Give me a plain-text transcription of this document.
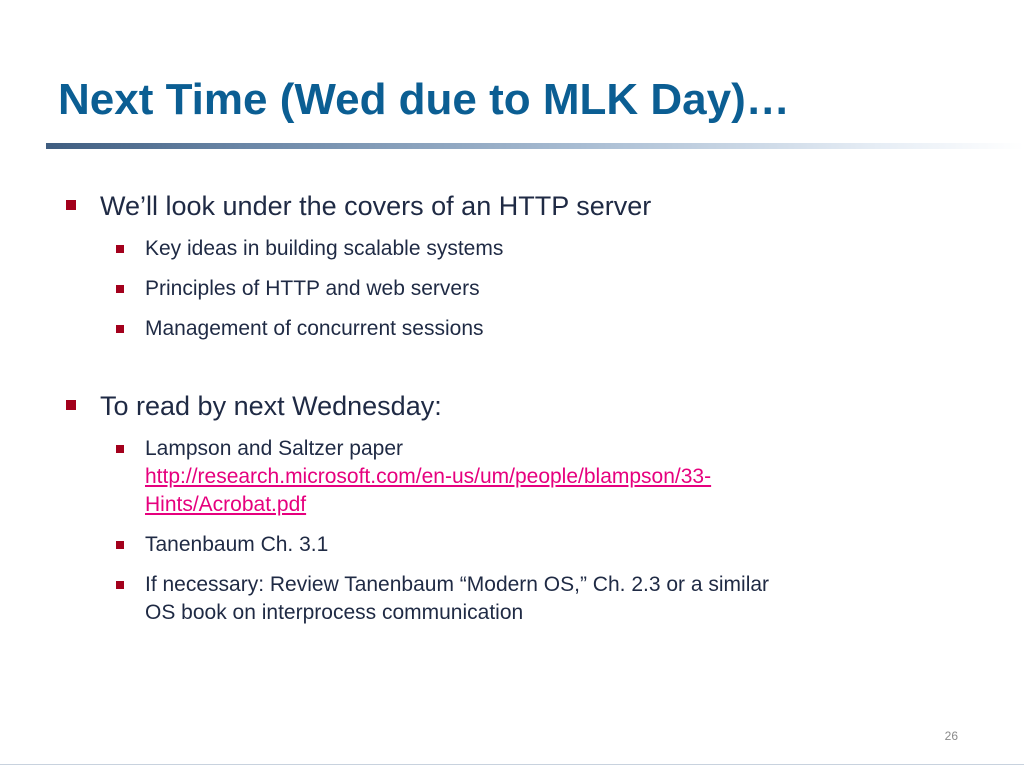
Next Time (Wed due to MLK Day)…

We’ll look under the covers of an HTTP server

Key ideas in building scalable systems

Principles of HTTP and web servers

Management of concurrent sessions

To read by next Wednesday:

Lampson and Saltzer paper
http://research.microsoft.com/en-us/um/people/blampson/33-
Hints/Acrobat.pdf

Tanenbaum Ch. 3.1

If necessary: Review Tanenbaum “Modern OS,” Ch. 2.3 or a similar
OS book on interprocess communication

26
